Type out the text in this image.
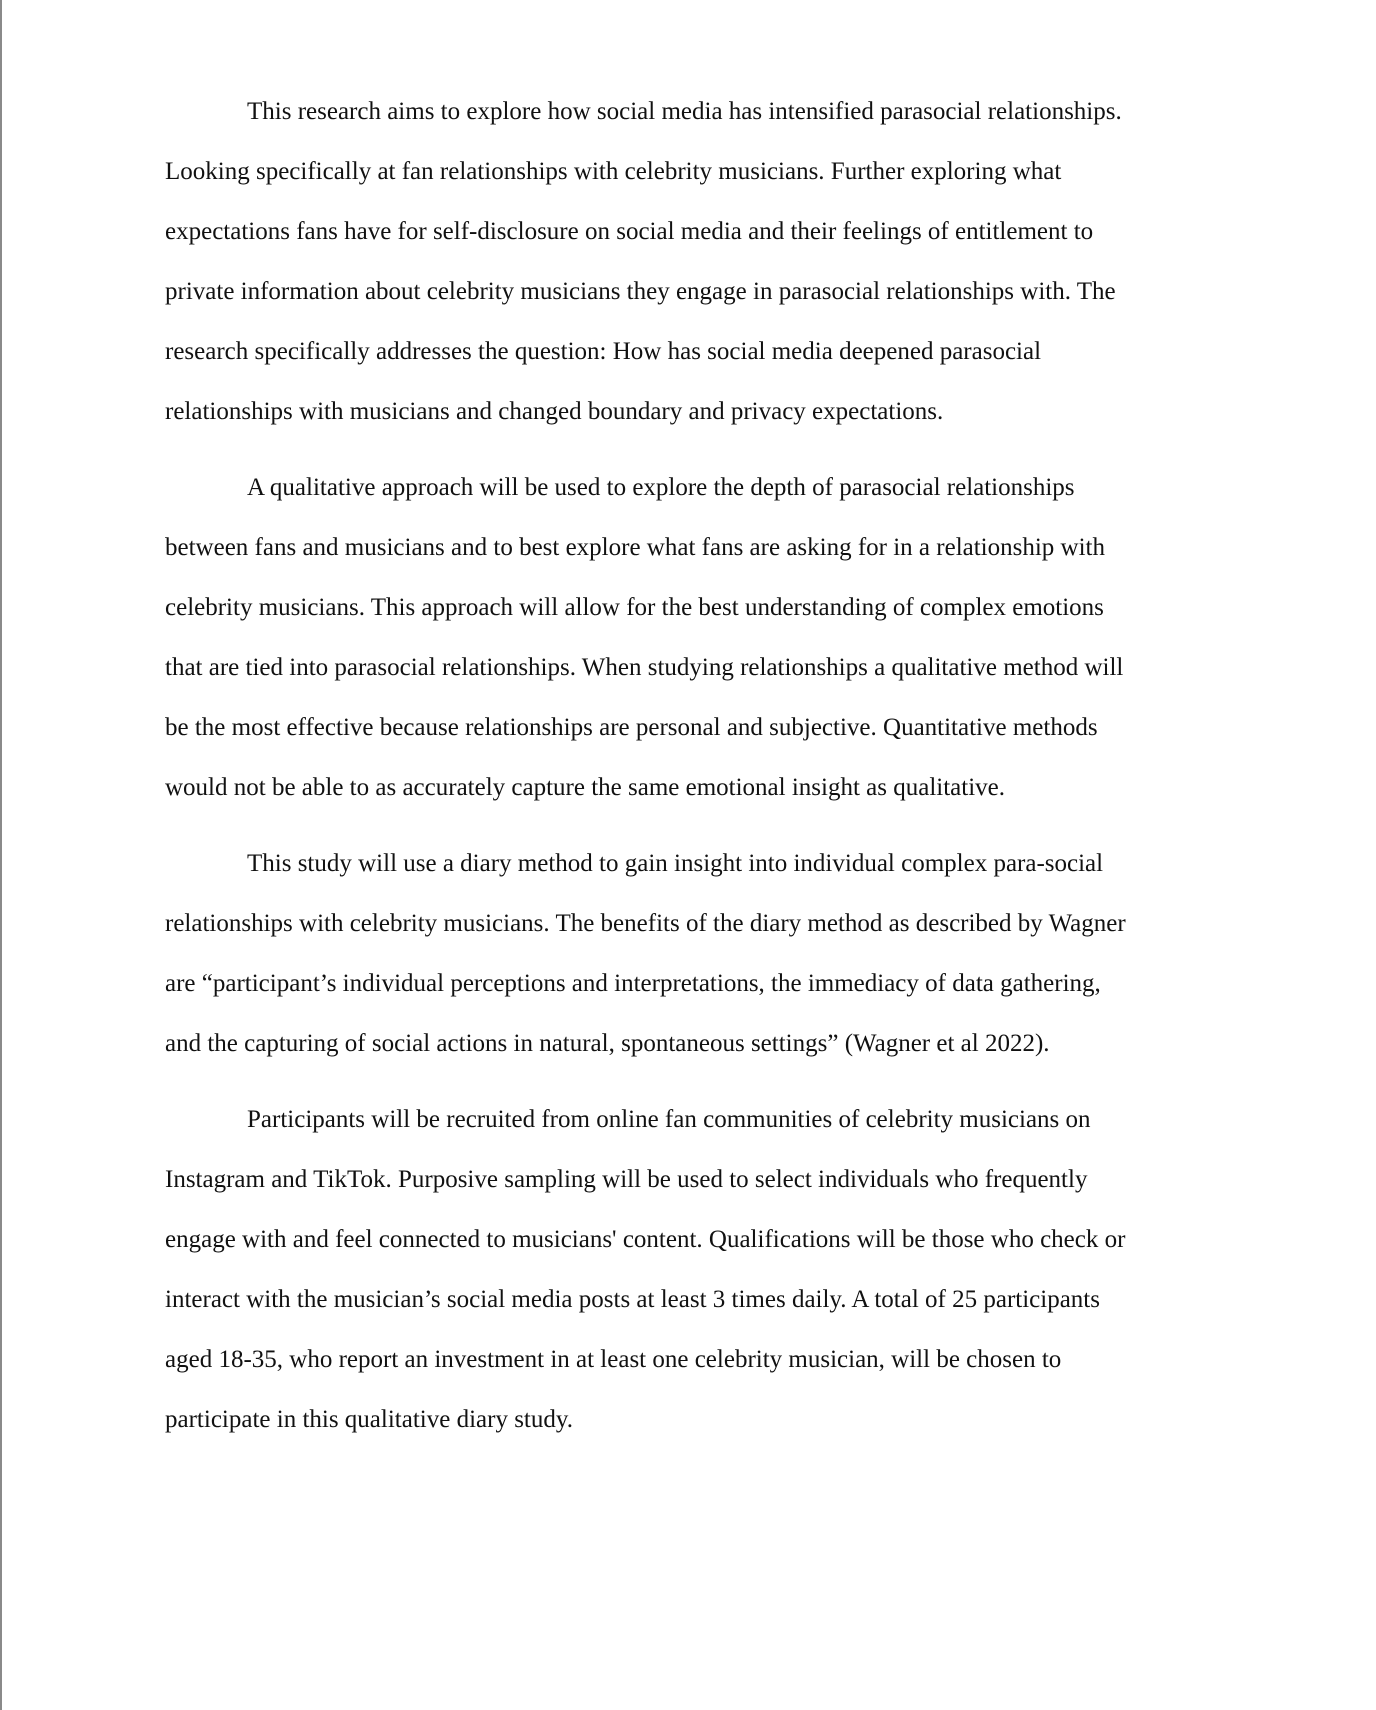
This research aims to explore how social media has intensified parasocial relationships.
Looking specifically at fan relationships with celebrity musicians. Further exploring what
expectations fans have for self-disclosure on social media and their feelings of entitlement to
private information about celebrity musicians they engage in parasocial relationships with. The
research specifically addresses the question: How has social media deepened parasocial
relationships with musicians and changed boundary and privacy expectations.

A qualitative approach will be used to explore the depth of parasocial relationships
between fans and musicians and to best explore what fans are asking for in a relationship with
celebrity musicians. This approach will allow for the best understanding of complex emotions
that are tied into parasocial relationships. When studying relationships a qualitative method will
be the most effective because relationships are personal and subjective. Quantitative methods
would not be able to as accurately capture the same emotional insight as qualitative.

This study will use a diary method to gain insight into individual complex para-social
relationships with celebrity musicians. The benefits of the diary method as described by Wagner
are “participant’s individual perceptions and interpretations, the immediacy of data gathering,
and the capturing of social actions in natural, spontaneous settings” (Wagner et al 2022).

Participants will be recruited from online fan communities of celebrity musicians on
Instagram and TikTok. Purposive sampling will be used to select individuals who frequently
engage with and feel connected to musicians' content. Qualifications will be those who check or
interact with the musician’s social media posts at least 3 times daily. A total of 25 participants
aged 18-35, who report an investment in at least one celebrity musician, will be chosen to
participate in this qualitative diary study.
